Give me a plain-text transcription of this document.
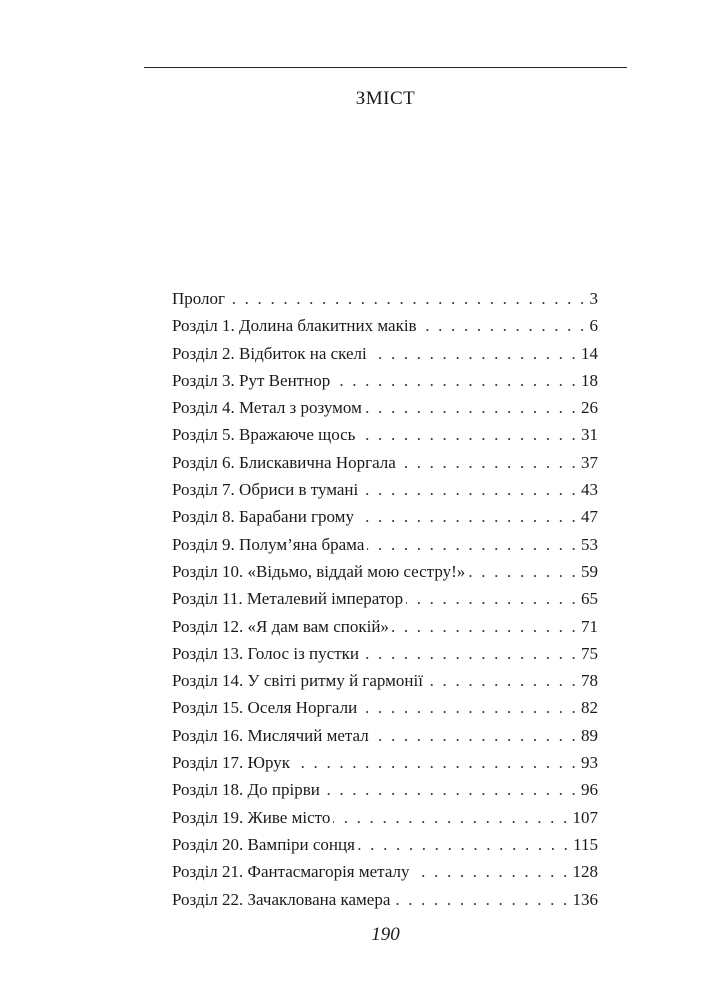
ЗМІСТ
Пролог . . .	3
Розділ 1. Долина блакитних маків . . .	6
Розділ 2. Відбиток на скелі . . .	14
Розділ 3. Рут Вентнор . . .	18
Розділ 4. Метал з розумом . . .	26
Розділ 5. Вражаюче щось . . .	31
Розділ 6. Блискавична Норгала . . .	37
Розділ 7. Обриси в тумані . . .	43
Розділ 8. Барабани грому . . .	47
Розділ 9. Полум’яна брама . . .	53
Розділ 10. «Відьмо, віддай мою сестру!» . . .	59
Розділ 11. Металевий імператор . . .	65
Розділ 12. «Я дам вам спокій» . . .	71
Розділ 13. Голос із пустки . . .	75
Розділ 14. У світі ритму й гармонії . . .	78
Розділ 15. Оселя Норгали . . .	82
Розділ 16. Мислячий метал . . .	89
Розділ 17. Юрук . . .	93
Розділ 18. До прірви . . .	96
Розділ 19. Живе місто . . .	107
Розділ 20. Вампіри сонця . . .	115
Розділ 21. Фантасмагорія металу . . .	128
Розділ 22. Зачаклована камера . . .	136
190
